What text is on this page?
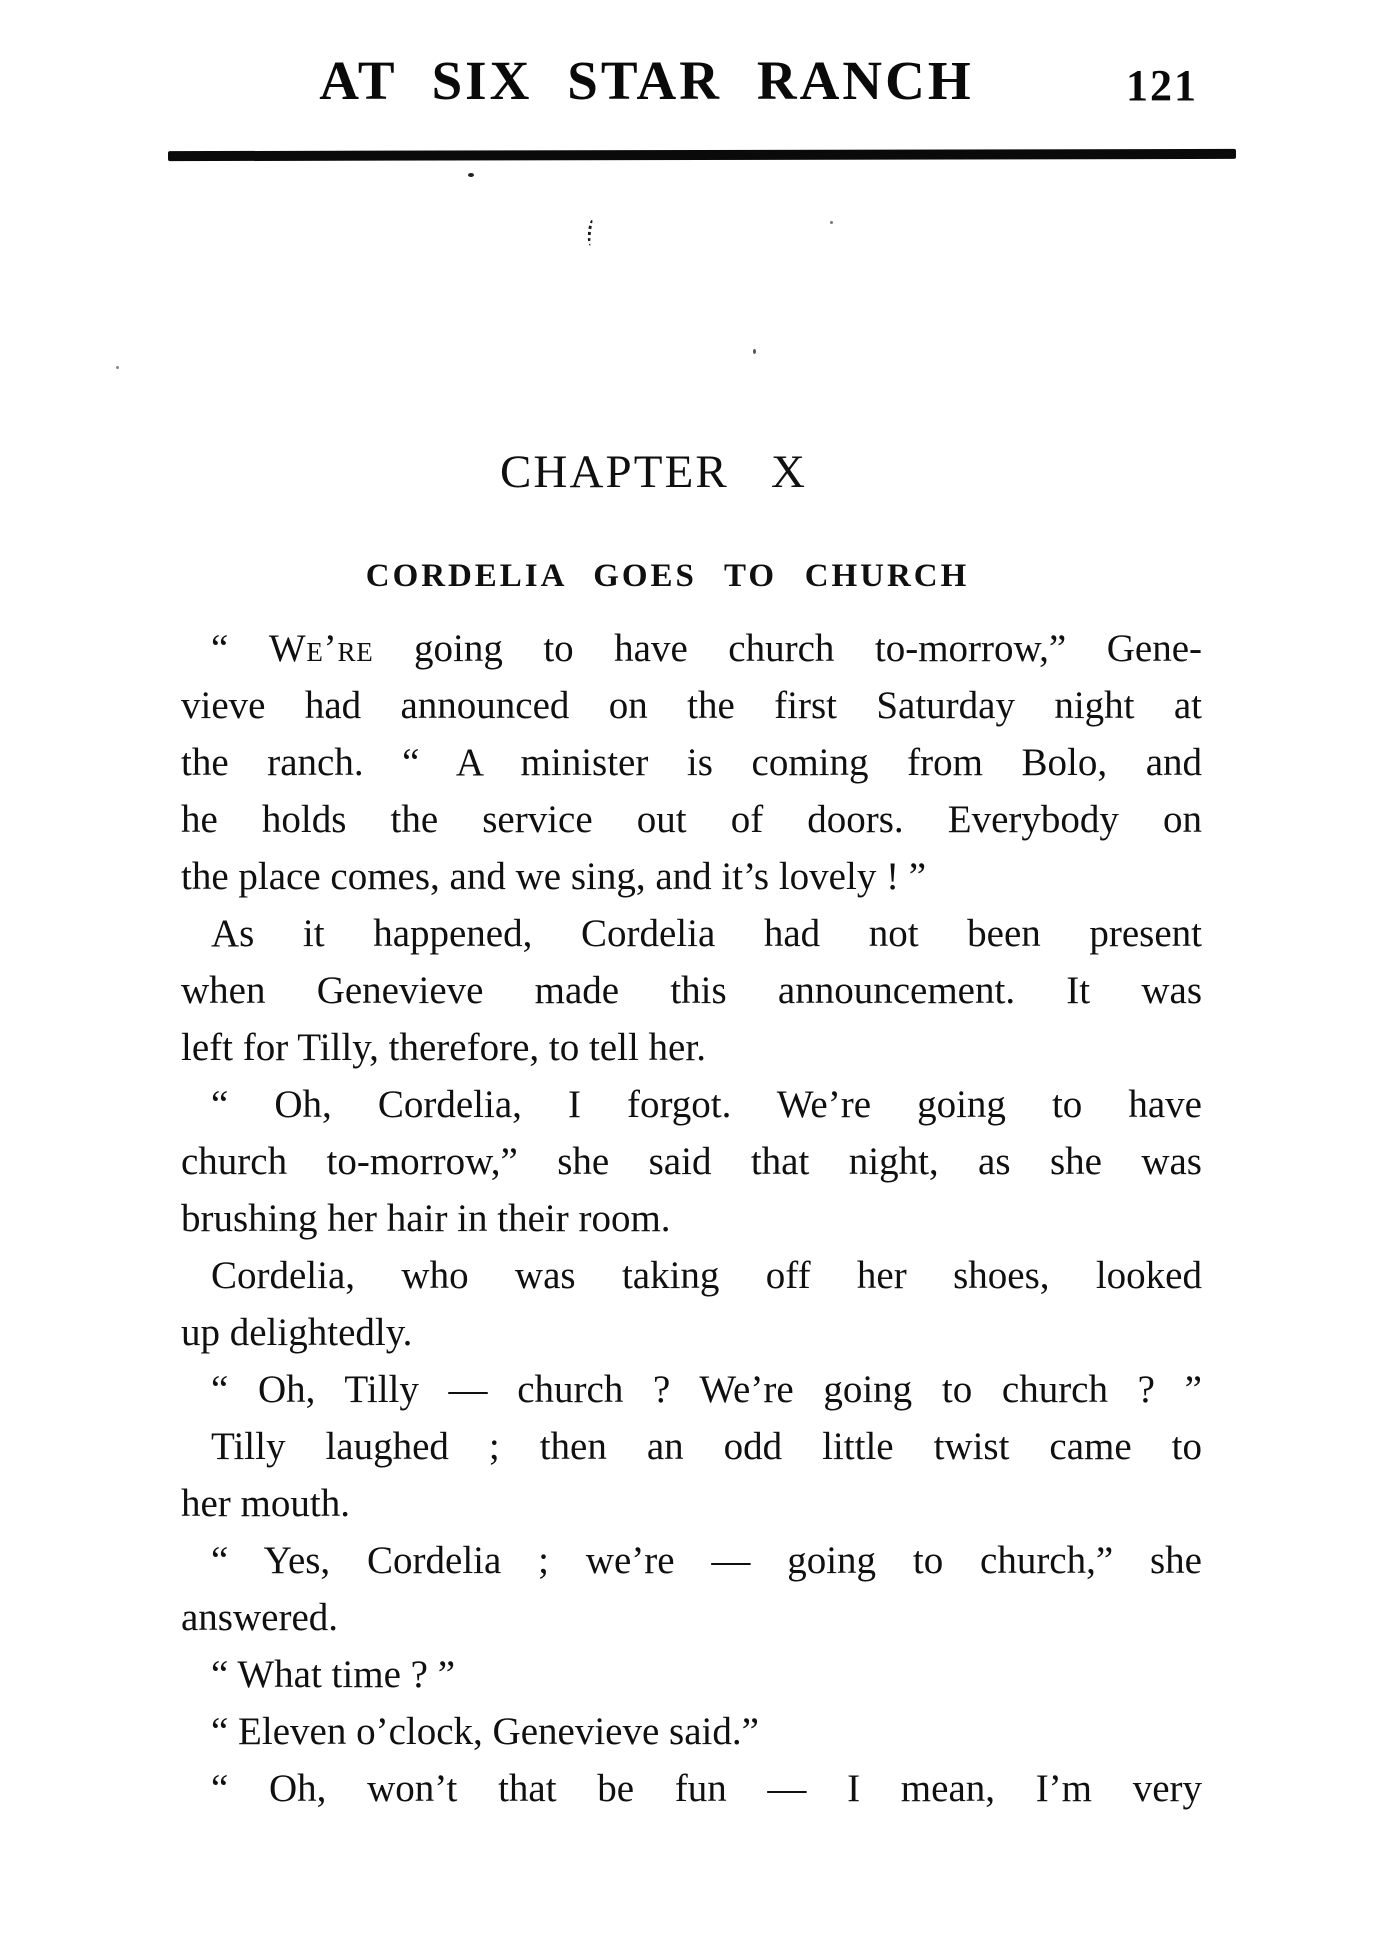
AT SIX STAR RANCH	121
CHAPTER X
CORDELIA GOES TO CHURCH
“ We’re going to have church to-morrow,” Gene-
vieve had announced on the first Saturday night at
the ranch. “ A minister is coming from Bolo, and
he holds the service out of doors. Everybody on
the place comes, and we sing, and it’s lovely ! ”
As it happened, Cordelia had not been present
when Genevieve made this announcement. It was
left for Tilly, therefore, to tell her.
“ Oh, Cordelia, I forgot. We’re going to have
church to-morrow,” she said that night, as she was
brushing her hair in their room.
Cordelia, who was taking off her shoes, looked
up delightedly.
“ Oh, Tilly — church ? We’re going to church ? ”
Tilly laughed ; then an odd little twist came to
her mouth.
“ Yes, Cordelia ; we’re — going to church,” she
answered.
“ What time ? ”
“ Eleven o’clock, Genevieve said.”
“ Oh, won’t that be fun — I mean, I’m very
